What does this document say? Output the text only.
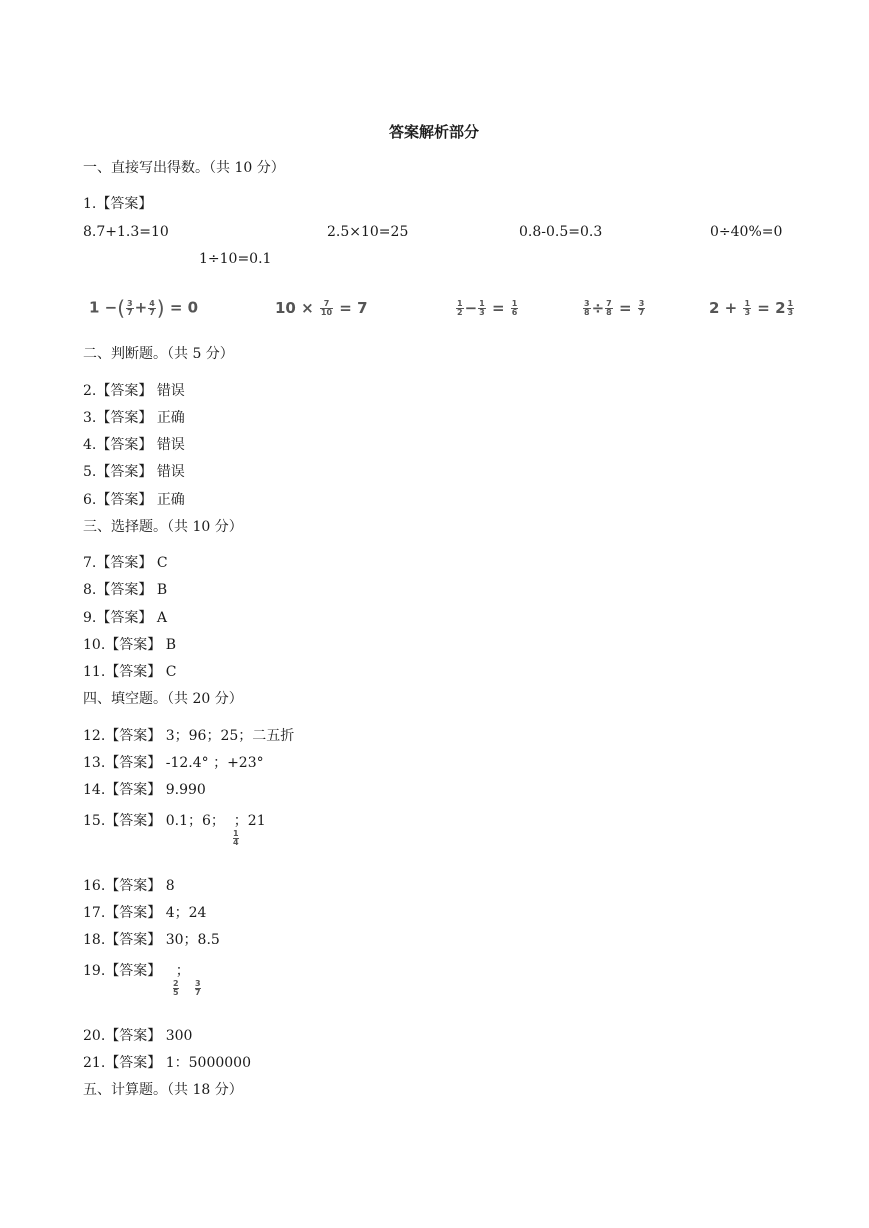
答案解析部分
一、直接写出得数。（共 10 分）
1.【答案】
8.7+1.3=10	2.5×10=25	0.8-0.5=0.3	0÷40%=0
1÷10=0.1
1 −( $\frac{3}{7} + \frac{4}{7}$ ) = 0	$10 \times \frac{7}{10} = 7$	$\frac{1}{2} - \frac{1}{3} = \frac{1}{6}$	$\frac{3}{8} \div \frac{7}{8} = \frac{3}{7}$	$2 + \frac{1}{3} = 2 \frac{1}{3}$
二、判断题。（共 5 分）
2.【答案】 错误
3.【答案】 正确
4.【答案】 错误
5.【答案】 错误
6.【答案】 正确
三、选择题。（共 10 分）
7.【答案】 C
8.【答案】 B
9.【答案】 A
10.【答案】 B
11.【答案】 C
四、填空题。（共 20 分）
12.【答案】 3；96；25；二五折
13.【答案】 -12.4° ；+23°
14.【答案】 9.990
15.【答案】 0.1；6；  ；21
1
4
16.【答案】 8
17.【答案】 4；24
18.【答案】 30；8.5
19.【答案】 ；
2
5
3
7
20.【答案】 300
21.【答案】 1：5000000
五、计算题。（共 18 分）
